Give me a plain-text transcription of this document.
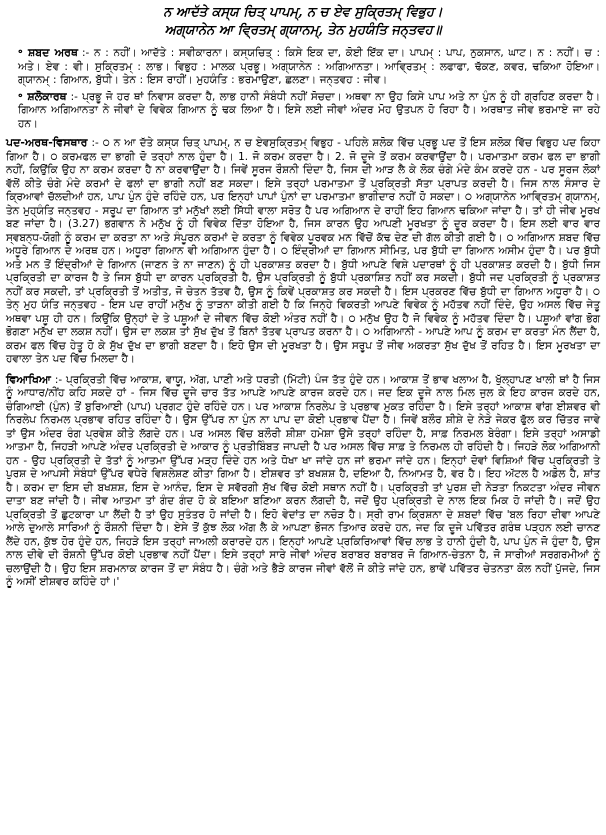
ਨ ਆਦੱਤੇ ਕਸ੍ਯ ਚਿਤ੍ ਪਾਪਮ੍, ਨ ਚ ਏਵ ਸੁਕ੍ਰਿਤਮ੍ ਵਿਭੁਹ।

ਅਗ੍ਯਾਨੇਨ ਆ ਵ੍ਰਿਤਮ੍ ਗ੍ਯਾਨਮ੍, ਤੇਨ ਮੁਹਯੰਤਿ ਜਨ੍ਤਵਹ॥

॰ ਸ਼ਬਦ ਅਰਥ :- ਨ : ਨਹੀਂ। ਆਦੱਤੇ : ਸਵੀਕਾਰਨਾ। ਕਸ੍ਯਚਿਤ੍ : ਕਿਸੇ ਇਕ ਦਾ, ਕੋਈ ਇੱਕ ਦਾ। ਪਾਪਮ੍ : ਪਾਪ, ਨੁਕਸਾਨ, ਘਾਟ। ਨ : ਨਹੀਂ। ਚ : ਅਤੇ। ਏਵ : ਵੀ। ਸੁਕ੍ਰਿਤਮ੍ : ਲਾਭ। ਵਿਭੁਹ : ਮਾਲਕ ਪ੍ਰਭੂ। ਅਗ੍ਯਾਨੇਨ : ਅਗਿਆਨਤਾ। ਆਵ੍ਰਿਤਮ੍ : ਲਫਾਫਾ, ਢੱਕਣ, ਕਵਰ, ਢਕਿਆ ਹੋਇਆ। ਗ੍ਯਾਨਮ੍ : ਗਿਆਨ, ਬੁੱਧੀ। ਤੇਨ : ਇਸ ਰਾਹੀਂ। ਮੁਹਯੰਤਿ : ਭਰਮਾਉਣਾ, ਛਲਣਾ। ਜਨ੍ਤਵਹ : ਜੀਵ।

॰ ਸ਼ਲੋਕਾਰਥ :- ਪ੍ਰਭੂ ਜੋ ਹਰ ਥਾਂ ਨਿਵਾਸ ਕਰਦਾ ਹੈ, ਲਾਭ ਹਾਨੀ ਸੰਬੰਧੀ ਨਹੀਂ ਸੋਚਦਾ। ਅਥਵਾ ਨਾ ਉਹ ਕਿਸੇ ਪਾਪ ਅਤੇ ਨਾ ਪੁੰਨ ਨੂੰ ਹੀ ਗ੍ਰਹਿਣ ਕਰਦਾ ਹੈ। ਗਿਆਨ ਅਗਿਆਨਤਾ ਨੇ ਜੀਵਾਂ ਦੇ ਵਿਵੇਕ ਗਿਆਨ ਨੂੰ ਢਕ ਲਿਆ ਹੈ। ਇਸੇ ਲਈ ਜੀਵਾਂ ਅੰਦਰ ਮੋਹ ਉਤਪਨ ਹੋ ਰਿਹਾ ਹੈ। ਅਰਥਾਤ ਜੀਵ ਭਰਮਾਏ ਜਾ ਰਹੇ ਹਨ।

ਪਦ-ਅਰਥ-ਵਿਸਥਾਰ :- ੦ ਨ ਆ ਦੱਤੇ ਕਸ੍ਯ ਚਿਤ੍ ਪਾਪਮ੍, ਨ ਚ ਏਵਸੁਕ੍ਰਿਤਮ੍ ਵਿਭੁਹ - ਪਹਿਲੇ ਸ਼ਲੋਕ ਵਿੱਚ ਪ੍ਰਭੂ ਪਦ ਤੋਂ ਇਸ ਸ਼ਲੋਕ ਵਿੱਚ ਵਿਭੁਹ ਪਦ ਕਿਹਾ ਗਿਆ ਹੈ। ੦ ਕਰਮਫਲ ਦਾ ਭਾਗੀ ਦੋ ਤਰ੍ਹਾਂ ਨਾਲ ਹੁੰਦਾ ਹੈ। 1. ਜੋ ਕਰਮ ਕਰਦਾ ਹੈ। 2. ਜੋ ਦੂਜੇ ਤੋਂ ਕਰਮ ਕਰਵਾਉਂਦਾ ਹੈ। ਪਰਮਾਤਮਾ ਕਰਮ ਫਲ ਦਾ ਭਾਗੀ ਨਹੀਂ, ਕਿਉਂਕਿ ਉਹ ਨਾ ਕਰਮ ਕਰਦਾ ਹੈ ਨਾ ਕਰਵਾਉਂਦਾ ਹੈ। ਜਿਵੇਂ ਸੂਰਜ ਰੌਸ਼ਨੀ ਦਿੰਦਾ ਹੈ, ਜਿਸ ਦੀ ਆੜ ਲੈ ਕੇ ਲੋਕ ਚੰਗੇ ਮੰਦੇ ਕੰਮ ਕਰਦੇ ਹਨ - ਪਰ ਸੂਰਜ ਲੋਕਾਂ ਵੱਲੋਂ ਕੀਤੇ ਚੰਗੇ ਮੰਦੇ ਕਰਮਾਂ ਦੇ ਫਲਾਂ ਦਾ ਭਾਗੀ ਨਹੀਂ ਬਣ ਸਕਦਾ। ਇਸੇ ਤਰ੍ਹਾਂ ਪਰਮਾਤਮਾ ਤੋਂ ਪ੍ਰਕ੍ਰਿਤੀ ਸੱਤਾ ਪ੍ਰਾਪਤ ਕਰਦੀ ਹੈ। ਜਿਸ ਨਾਲ ਸੰਸਾਰ ਦੇ ਕ੍ਰਿਆਵਾਂ ਚੱਲਦੀਆਂ ਹਨ, ਪਾਪ ਪੁੰਨ ਹੁੰਦੇ ਰਹਿੰਦੇ ਹਨ, ਪਰ ਇਨ੍ਹਾਂ ਪਾਪਾਂ ਪੁੰਨਾਂ ਦਾ ਪਰਮਾਤਮਾ ਭਾਗੀਦਾਰ ਨਹੀਂ ਹੋ ਸਕਦਾ। ੦ ਅਗ੍ਯਾਨੇਨ ਆਵ੍ਰਿਤਮ੍ ਗ੍ਯਾਨਮ੍, ਤੇਨ ਮੁਹ੍ਯੰਤਿ ਜਨ੍ਤਵਹ - ਸਰੂਪ ਦਾ ਗਿਆਨ ਤਾਂ ਮਨੁੱਖਾਂ ਲਈ ਸਿੱਧੀ ਵਾਲਾ ਸਰੋਤ ਹੈ ਪਰ ਅਗਿਆਨ ਦੇ ਰਾਹੀਂ ਇਹ ਗਿਆਨ ਢਕਿਆ ਜਾਂਦਾ ਹੈ। ਤਾਂ ਹੀ ਜੀਵ ਮੂਰਖ ਬਣ ਜਾਂਦਾ ਹੈ। (3.27) ਭਗਵਾਨ ਨੇ ਮਨੁੱਖ ਨੂੰ ਹੀ ਵਿਵੇਕ ਦਿੱਤਾ ਹੋਇਆ ਹੈ, ਜਿਸ ਕਾਰਨ ਉਹ ਆਪਣੀ ਮੂਰਖਤਾ ਨੂੰ ਦੂਰ ਕਰਦਾ ਹੈ। ਇਸ ਲਈ ਵਾਰ ਵਾਰ ਸ੍ਵਬਨ੍ਧ-ਯੋਗੀ ਨੂੰ ਕਰਮ ਦਾ ਕਰਤਾ ਨਾ ਅਤੇ ਸੰਪੂਰਨ ਕਰਮਾਂ ਦੇ ਕਰਤਾ ਨੂੰ ਵਿਵੇਕ ਪੂਰਵਕ ਮਨ ਵਿੱਚੋਂ ਕੱਢ ਦੇਣ ਦੀ ਗੱਲ ਕੀਤੀ ਗਈ ਹੈ। ੦ ਅਗਿਆਨ ਸ਼ਬਦ ਵਿੱਚ ਅਧੂਰੇ ਗਿਆਨ ਦੇ ਅਰਥ ਹਨ। ਅਧੂਰਾ ਗਿਆਨ ਵੀ ਅਗਿਆਨ ਹੁੰਦਾ ਹੈ। ੦ ਇੰਦ੍ਰੀਆਂ ਦਾ ਗਿਆਨ ਸੀਮਿਤ, ਪਰ ਬੁੱਧੀ ਦਾ ਗਿਆਨ ਅਸੀਮ ਹੁੰਦਾ ਹੈ। ਪਰ ਬੁੱਧੀ ਅਤੇ ਮਨ ਤੋਂ ਇੰਦ੍ਰੀਆਂ ਦੇ ਗਿਆਨ (ਜਾਣਨ ਤੇ ਨਾ ਜਾਣਨ) ਨੂੰ ਹੀ ਪ੍ਰਕਾਸ਼ਤ ਕਰਦਾ ਹੈ। ਬੁੱਧੀ ਆਪਣੇ ਵਿਸ਼ੇ ਪਦਾਰਥਾਂ ਨੂੰ ਹੀ ਪ੍ਰਕਾਸ਼ਤ ਕਰਦੀ ਹੈ। ਬੁੱਧੀ ਜਿਸ ਪ੍ਰਕ੍ਰਿਤੀ ਦਾ ਕਾਰਜ ਹੈ ਤੇ ਜਿਸ ਬੁੱਧੀ ਦਾ ਕਾਰਨ ਪ੍ਰਕ੍ਰਿਤੀ ਹੈ, ਉਸ ਪ੍ਰਕ੍ਰਿਤੀ ਨੂੰ ਬੁੱਧੀ ਪ੍ਰਕਾਸ਼ਿਤ ਨਹੀਂ ਕਰ ਸਕਦੀ। ਬੁੱਧੀ ਜਦ ਪ੍ਰਕ੍ਰਿਤੀ ਨੂੰ ਪ੍ਰਕਾਸ਼ਤ ਨਹੀਂ ਕਰ ਸਕਦੀ, ਤਾਂ ਪ੍ਰਕ੍ਰਿਤੀ ਤੋਂ ਅਤੀਤ, ਜੋ ਚੇਤਨ ਤੱਤਵ ਹੈ, ਉਸ ਨੂੰ ਕਿਵੇਂ ਪ੍ਰਕਾਸ਼ਤ ਕਰ ਸਕਦੀ ਹੈ। ਇਸ ਪ੍ਰਕਰਣ ਵਿੱਚ ਬੁੱਧੀ ਦਾ ਗਿਆਨ ਅਧੂਰਾ ਹੈ। ੦ ਤੇਨ੍ ਮੁਹ ਯੰਤਿ ਜਨ੍ਤਵਹ - ਇਸ ਪਦ ਰਾਹੀਂ ਮਨੁੱਖ ਨੂੰ ਤਾੜਨਾ ਕੀਤੀ ਗਈ ਹੈ ਕਿ ਜਿਨ੍ਹੇ ਵਿਕਰਤੀ ਆਪਣੇ ਵਿਵੇਕ ਨੂੰ ਮਹੱਤਵ ਨਹੀਂ ਦਿੰਦੇ, ਉਹ ਅਸਲ ਵਿੱਚ ਜੇਤੂ ਅਥਵਾ ਪਸ਼ੂ ਹੀ ਹਨ। ਕਿਉਂਕਿ ਉਨ੍ਹਾਂ ਦੇ ਤੇ ਪਸ਼ੂਆਂ ਦੇ ਜੀਵਨ ਵਿੱਚ ਕੋਈ ਅੰਤਰ ਨਹੀਂ ਹੈ। ੦ ਮਨੁੱਖ ਉਹ ਹੈ ਜੋ ਵਿਵੇਕ ਨੂੰ ਮਹੱਤਵ ਦਿੰਦਾ ਹੈ। ਪਸ਼ੂਆਂ ਵਾਂਗ ਭੋਗ ਭੋਗਣਾ ਮਨੁੱਖ ਦਾ ਲਕਸ਼ ਨਹੀਂ। ਉਸ ਦਾ ਲਕਸ਼ ਤਾਂ ਸੁੱਖ ਦੁੱਖ ਤੋਂ ਬਿਨਾਂ ਤੱਤਵ ਪ੍ਰਾਪਤ ਕਰਨਾ ਹੈ। ੦ ਅਗਿਆਨੀ - ਆਪਣੇ ਆਪ ਨੂੰ ਕਰਮ ਦਾ ਕਰਤਾ ਮੰਨ ਲੈਂਦਾ ਹੈ, ਕਰਮ ਫਲ ਵਿੱਚ ਹੇਤੂ ਹੋ ਕੇ ਸੁੱਖ ਦੁੱਖ ਦਾ ਭਾਗੀ ਬਣਦਾ ਹੈ। ਇਹੋ ਉਸ ਦੀ ਮੂਰਖਤਾ ਹੈ। ਉਸ ਸਰੂਪ ਤੋਂ ਜੀਵ ਅਕਰਤਾ ਸੁੱਖ ਦੁੱਖ ਤੋਂ ਰਹਿਤ ਹੈ। ਇਸ ਮੂਰਖਤਾ ਦਾ ਹਵਾਲਾ ਤੇਨ ਪਦ ਵਿੱਚ ਮਿਲਦਾ ਹੈ।

ਵਿਆਖਿਆ :- ਪ੍ਰਕ੍ਰਿਤੀ ਵਿੱਚ ਆਕਾਸ਼, ਵਾਯੂ, ਅੱਗ, ਪਾਣੀ ਅਤੇ ਧਰਤੀ (ਮਿੱਟੀ) ਪੰਜ ਤੱਤ ਹੁੰਦੇ ਹਨ। ਆਕਾਸ਼ ਤੋਂ ਭਾਵ ਖਲਾਅ ਹੈ, ਖੁੱਲ੍ਹਾਪਣ ਖਾਲੀ ਥਾਂ ਹੈ ਜਿਸ ਨੂੰ ਆਧਾਰ/ਨੀਂਹ ਕਹਿ ਸਕਦੇ ਹਾਂ - ਜਿਸ ਵਿੱਚ ਦੂਜੇ ਚਾਰ ਤੱਤ ਆਪਣੇ ਆਪਣੇ ਕਾਰਜ ਕਰਦੇ ਹਨ। ਜਦ ਇਕ ਦੂਜੇ ਨਾਲ ਮਿਲ ਜੁਲ ਕੇ ਇਹ ਕਾਰਜ ਕਰਦੇ ਹਨ, ਚੰਗਿਆਈ (ਪੁੰਨ) ਤੋਂ ਬੁਰਿਆਈ (ਪਾਪ) ਪ੍ਰਗਟ ਹੁੰਦੇ ਰਹਿੰਦੇ ਹਨ। ਪਰ ਆਕਾਸ਼ ਨਿਰਲੇਪ ਤੇ ਪ੍ਰਭਾਵ ਮੁਕਤ ਰਹਿੰਦਾ ਹੈ। ਇਸੇ ਤਰ੍ਹਾਂ ਆਕਾਸ਼ ਵਾਂਗ ਈਸ਼ਵਰ ਵੀ ਨਿਰਲੇਪ ਨਿਰਮਲ ਪ੍ਰਭਾਵ ਰਹਿਤ ਰਹਿੰਦਾ ਹੈ। ਉਸ ਉੱਪਰ ਨਾ ਪੁੰਨ ਨਾ ਪਾਪ ਦਾ ਕੋਈ ਪ੍ਰਭਾਵ ਪੈਂਦਾ ਹੈ। ਜਿਵੇਂ ਬਲੌਰ ਸ਼ੀਸ਼ੇ ਦੇ ਨੇੜੇ ਜੇਕਰ ਫੁੱਲ ਕਰ ਚਿੱਤਰ ਜਾਵੇ ਤਾਂ ਉਸ ਅੰਦਰ ਰੰਗ ਪ੍ਰਵੇਸ਼ ਕੀਤੇ ਲੱਗਦੇ ਹਨ। ਪਰ ਅਸਲ ਵਿੱਚ ਬਲੌਰੀ ਸ਼ੀਸ਼ਾ ਹਮੇਸ਼ਾ ਉਸੇ ਤਰ੍ਹਾਂ ਰਹਿੰਦਾ ਹੈ, ਸਾਫ਼ ਨਿਰਮਲ ਬੇਰੰਗਾ। ਇਸੇ ਤਰ੍ਹਾਂ ਅਸਾਡੀ ਆਤਮਾ ਹੈ, ਜਿਹੜੀ ਆਪਣੇ ਅੰਦਰ ਪ੍ਰਕ੍ਰਿਤੀ ਦੇ ਆਕਾਰ ਨੂੰ ਪ੍ਰਤੀਬਿੰਬਤ ਜਾਪਦੀ ਹੈ ਪਰ ਅਸਲ ਵਿੱਚ ਸਾਫ਼ ਤੇ ਨਿਰਮਲ ਹੀ ਰਹਿੰਦੀ ਹੈ। ਜਿਹੜੇ ਲੋਕ ਅਗਿਆਨੀ ਹਨ - ਉਹ ਪ੍ਰਕ੍ਰਿਤੀ ਦੇ ਤੱਤਾਂ ਨੂੰ ਆਤਮਾ ਉੱਪਰ ਮੜ੍ਹ ਦਿੰਦੇ ਹਨ ਅਤੇ ਧੋਖਾ ਖਾ ਜਾਂਦੇ ਹਨ ਜਾਂ ਭਰਮਾ ਜਾਂਦੇ ਹਨ। ਇਨ੍ਹਾਂ ਦੋਵਾਂ ਵਿਸ਼ਿਆਂ ਵਿੱਚ ਪ੍ਰਕ੍ਰਿਤੀ ਤੇ ਪੁਰਸ਼ ਦੇ ਆਪਸੀ ਸੰਬੰਧਾਂ ਉੱਪਰ ਵਧੇਰੇ ਵਿਸ਼ਲੇਸ਼ਣ ਕੀਤਾ ਗਿਆ ਹੈ। ਈਸ਼ਵਰ ਤਾਂ ਬਖਸ਼ਸ਼ ਹੈ, ਦਇਆ ਹੈ, ਨਿਆਮਤ ਹੈ, ਵਰ ਹੈ। ਇਹ ਅੱਟਲ ਹੈ ਅਡੋਲ ਹੈ, ਸ਼ਾਂਤ ਹੈ। ਕਰਮ ਦਾ ਇਸ ਦੀ ਬਖਸ਼ਸ਼, ਇਸ ਦੇ ਆਨੰਦ, ਇਸ ਦੇ ਸਵੱਰਗੀ ਸੁੱਖ ਵਿੱਚ ਕੋਈ ਸਥਾਨ ਨਹੀਂ ਹੈ। ਪ੍ਰਕ੍ਰਿਤੀ ਤਾਂ ਪੁਰਸ਼ ਦੀ ਨੇੜਤਾ ਨਿਕਟਤਾ ਅੰਦਰ ਜੀਵਨ ਦਾਤਾ ਬਣ ਜਾਂਦੀ ਹੈ। ਜੀਵ ਆਤਮਾ ਤਾਂ ਗੰਦ ਗੰਦ ਹੋ ਕੇ ਬਇਆ ਬਣਿਆ ਕਰਨ ਲੱਗਦੀ ਹੈ, ਜਦੋਂ ਉਹ ਪ੍ਰਕ੍ਰਿਤੀ ਦੇ ਨਾਲ ਇਕ ਮਿਕ ਹੋ ਜਾਂਦੀ ਹੈ। ਜਦੋਂ ਉਹ ਪ੍ਰਕ੍ਰਿਤੀ ਤੋਂ ਛੁਟਕਾਰਾ ਪਾ ਲੈਂਦੀ ਹੈ ਤਾਂ ਉਹ ਸੁਤੰਤਰ ਹੋ ਜਾਂਦੀ ਹੈ। ਇਹੋ ਵੇਦਾਂਤ ਦਾ ਨਚੋੜ ਹੈ। ਸ੍ਰੀ ਰਾਮ ਕ੍ਰਿਸ਼ਨਾ ਦੇ ਸ਼ਬਦਾਂ ਵਿੱਚ 'ਬਲ ਰਿਹਾ ਦੀਵਾ ਆਪਣੇ ਆਲੇ ਦੁਆਲੇ ਸਾਰਿਆਂ ਨੂੰ ਰੌਸ਼ਨੀ ਦਿੰਦਾ ਹੈ। ਏਸੇ ਤੋਂ ਕੁੱਝ ਲੋਕ ਅੱਗ ਲੈ ਕੇ ਆਪਣਾ ਭੋਜਨ ਤਿਆਰ ਕਰਦੇ ਹਨ, ਜਦ ਕਿ ਦੂਜੇ ਪਵਿੱਤਰ ਗਰੰਥ ਪੜ੍ਹਨ ਲਈ ਚਾਨਣ ਲੈਂਦੇ ਹਨ, ਕੁੱਝ ਹੋਰ ਹੁੰਦੇ ਹਨ, ਜਿਹੜੇ ਇਸ ਤਰ੍ਹਾਂ ਜਾਅਲੀ ਕਰਾਰਦੇ ਹਨ। ਇਨ੍ਹਾਂ ਆਪਣੇ ਪ੍ਰਕਿਰਿਆਵਾਂ ਵਿੱਚ ਲਾਭ ਤੇ ਹਾਨੀ ਹੁੰਦੀ ਹੈ, ਪਾਪ ਪੁੰਨ ਜੋ ਹੁੰਦਾ ਹੈ, ਉਸ ਨਾਲ ਦੀਵੇ ਦੀ ਰੌਸ਼ਨੀ ਉੱਪਰ ਕੋਈ ਪ੍ਰਭਾਵ ਨਹੀਂ ਪੈਂਦਾ। ਇਸੇ ਤਰ੍ਹਾਂ ਸਾਰੇ ਜੀਵਾਂ ਅੰਦਰ ਬਰਾਬਰ ਬਰਾਬਰ ਜੋ ਗਿਆਨ-ਚੇਤਨਾ ਹੈ, ਜੋ ਸਾਰੀਆਂ ਸਰਗਰਮੀਆਂ ਨੂੰ ਚਲਾਉਂਦੀ ਹੈ। ਉਹ ਇਸ ਸ਼ਰਮਨਾਕ ਕਾਰਜ ਤੋਂ ਦਾ ਸੰਬੰਧ ਹੈ। ਚੰਗੇ ਅਤੇ ਭੈੜੇ ਕਾਰਜ ਜੀਵਾਂ ਵੱਲੋਂ ਜੋ ਕੀਤੇ ਜਾਂਦੇ ਹਨ, ਭਾਵੇਂ ਪਵਿੱਤਰ ਚੇਤਨਤਾ ਕੋਲ ਨਹੀਂ ਪੁੱਜਦੇ, ਜਿਸ ਨੂੰ ਅਸੀਂ ਈਸ਼ਵਰ ਕਹਿੰਦੇ ਹਾਂ।'
